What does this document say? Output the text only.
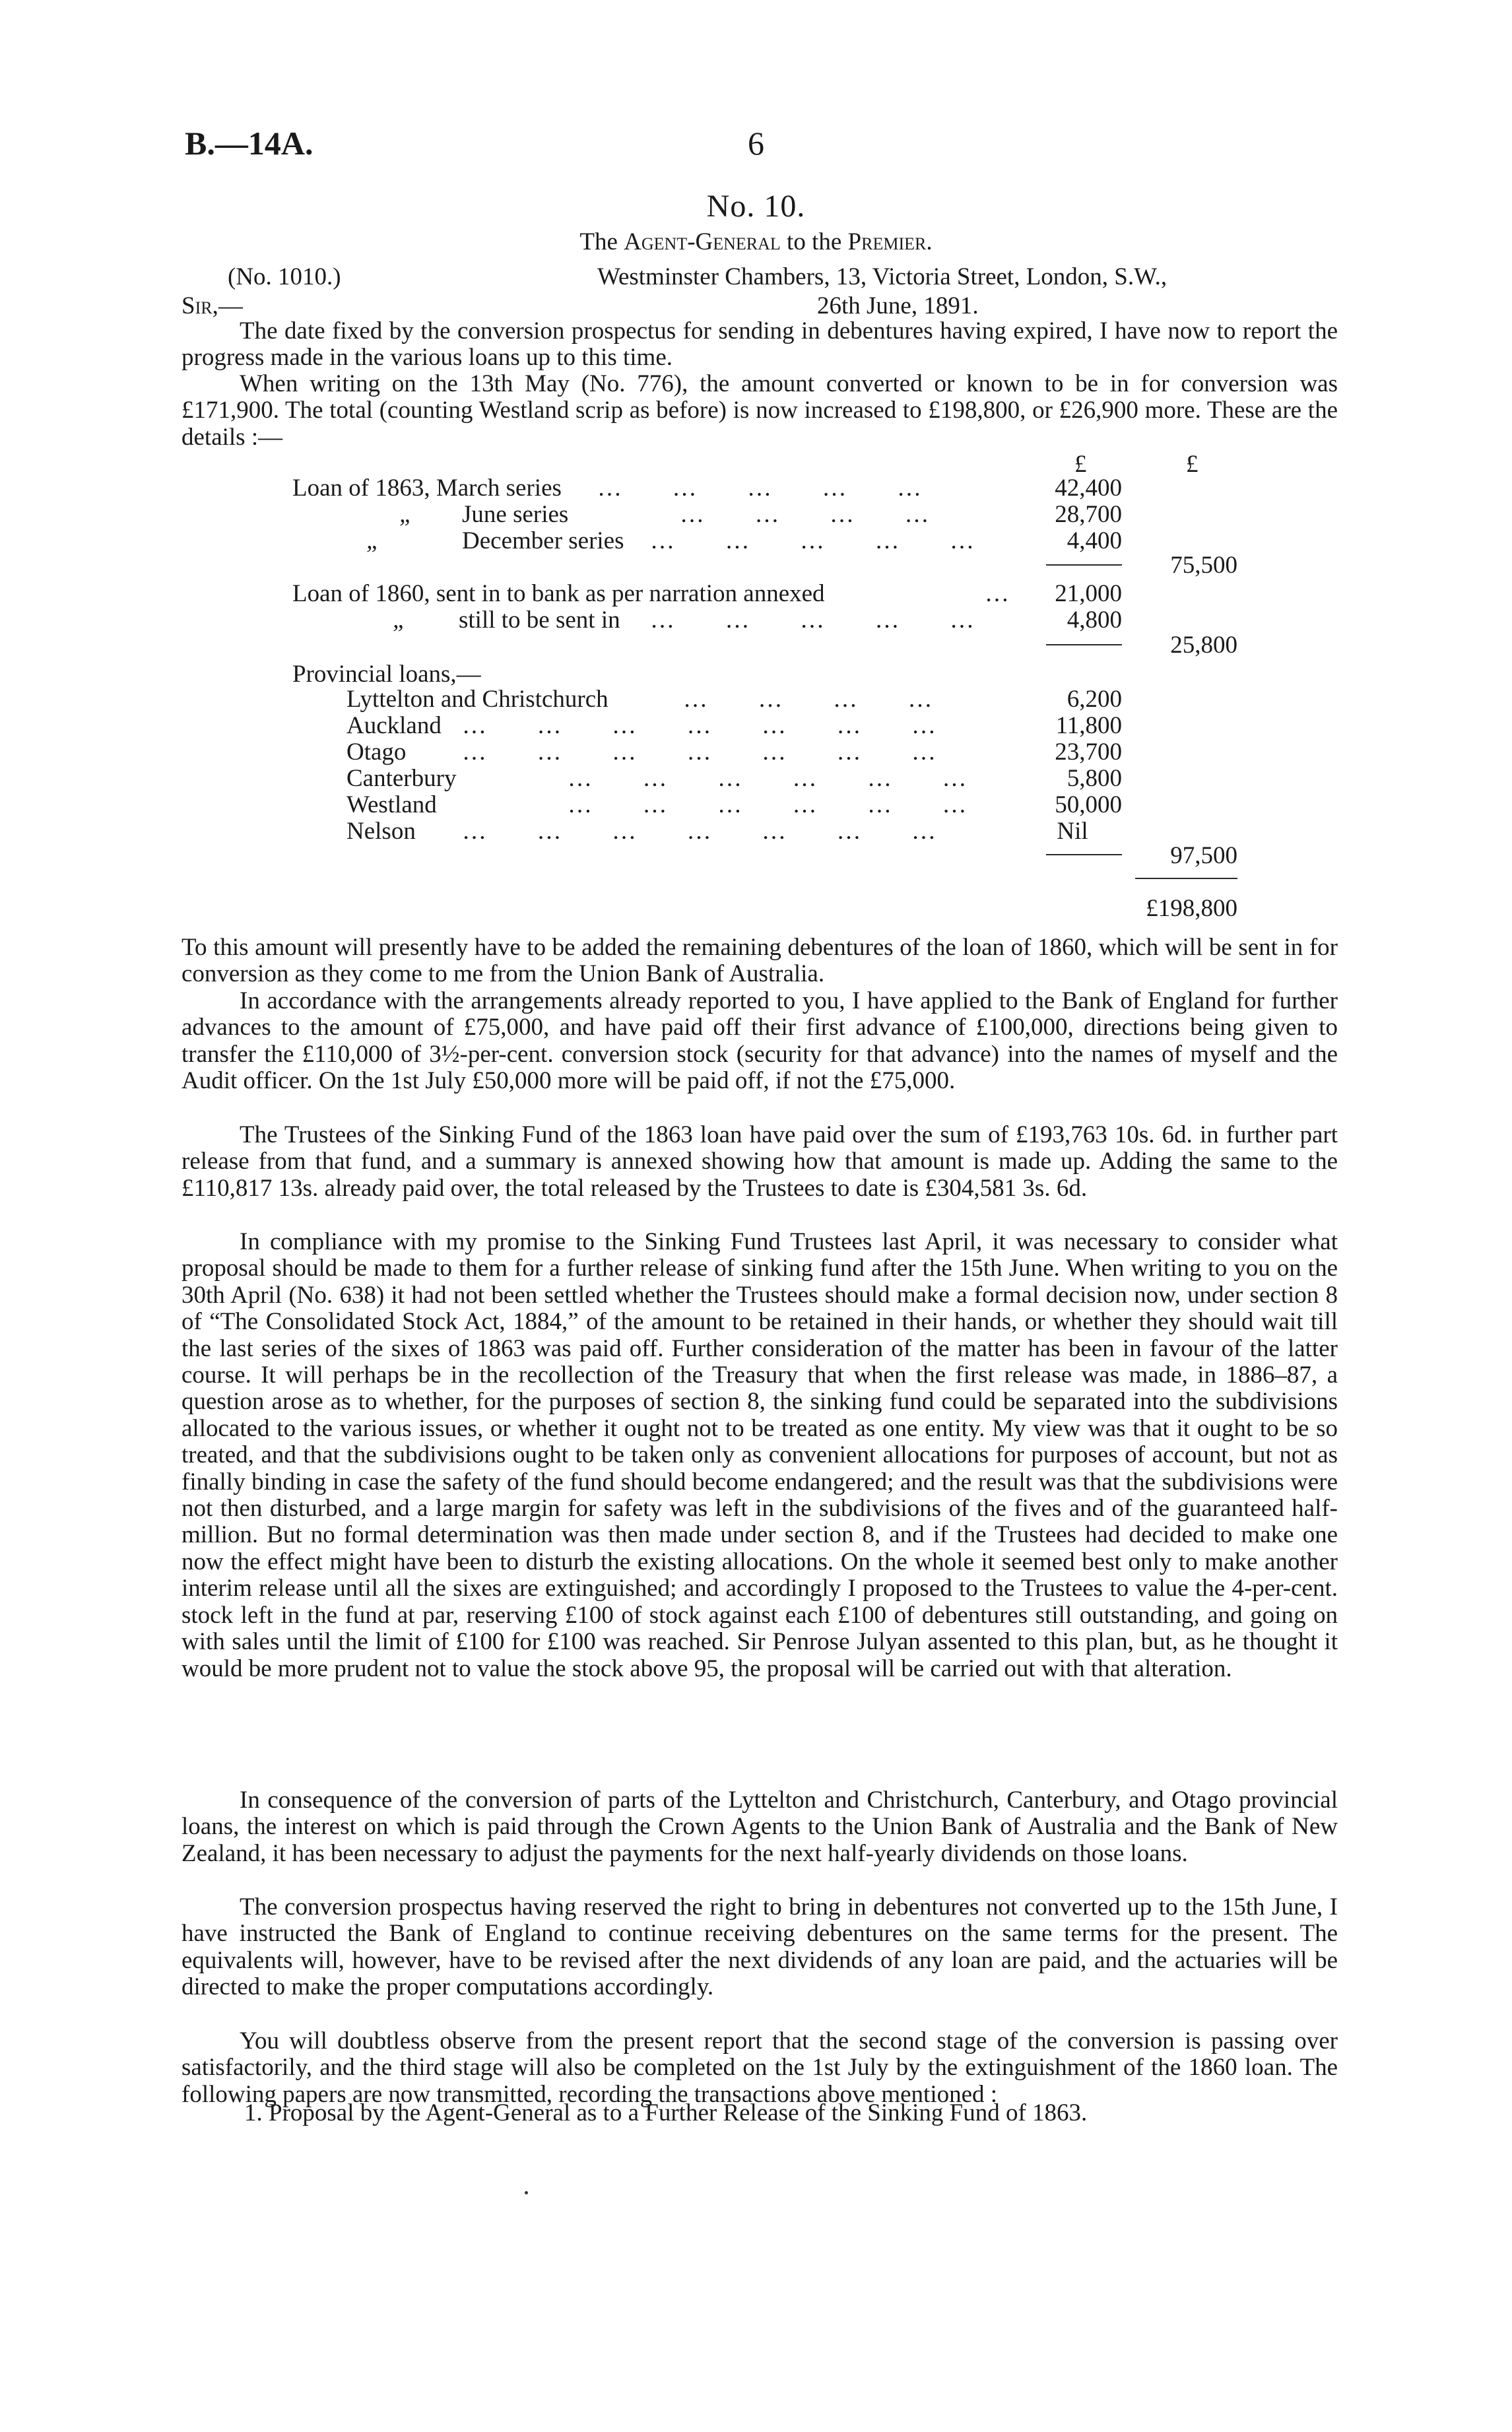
B.—14A.	6
No. 10.
The Agent-General to the Premier.
(No. 1010.)	Westminster Chambers, 13, Victoria Street, London, S.W.,
Sir,—	26th June, 1891.

The date fixed by the conversion prospectus for sending in debentures having expired, I have now to report the progress made in the various loans up to this time.

When writing on the 13th May (No. 776), the amount converted or known to be in for conversion was £171,900. The total (counting Westland scrip as before) is now increased to £198,800, or £26,900 more. These are the details :—

£	£
Loan of 1863, March series …      …      …      …      …	42,400
„ June series	…      …      …      …	28,700
„	December series …      …      …      …      …	4,400
75,500
Loan of 1860, sent in to bank as per narration annexed	…	21,000
„ still to be sent in …      …      …      …      …	4,800
25,800
Provincial loans,—
Lyttelton and Christchurch	…      …      …      …	6,200
Auckland …      …      …      …      …      …      …	11,800
Otago …      …      …      …      …      …      …	23,700
Canterbury	…      …      …      …      …      …	5,800
Westland	…      …      …      …      …      …	50,000
Nelson …      …      …      …      …      …      …	Nil
97,500
£198,800

To this amount will presently have to be added the remaining debentures of the loan of 1860, which will be sent in for conversion as they come to me from the Union Bank of Australia.

In accordance with the arrangements already reported to you, I have applied to the Bank of England for further advances to the amount of £75,000, and have paid off their first advance of £100,000, directions being given to transfer the £110,000 of 3½-per-cent. conversion stock (security for that advance) into the names of myself and the Audit officer. On the 1st July £50,000 more will be paid off, if not the £75,000.

The Trustees of the Sinking Fund of the 1863 loan have paid over the sum of £193,763 10s. 6d. in further part release from that fund, and a summary is annexed showing how that amount is made up. Adding the same to the £110,817 13s. already paid over, the total released by the Trustees to date is £304,581 3s. 6d.

In compliance with my promise to the Sinking Fund Trustees last April, it was necessary to consider what proposal should be made to them for a further release of sinking fund after the 15th June. When writing to you on the 30th April (No. 638) it had not been settled whether the Trustees should make a formal decision now, under section 8 of “The Consolidated Stock Act, 1884,” of the amount to be retained in their hands, or whether they should wait till the last series of the sixes of 1863 was paid off. Further consideration of the matter has been in favour of the latter course. It will perhaps be in the recollection of the Treasury that when the first release was made, in 1886–87, a question arose as to whether, for the purposes of section 8, the sinking fund could be separated into the subdivisions allocated to the various issues, or whether it ought not to be treated as one entity. My view was that it ought to be so treated, and that the subdivisions ought to be taken only as convenient allocations for purposes of account, but not as finally binding in case the safety of the fund should become endangered; and the result was that the subdivisions were not then disturbed, and a large margin for safety was left in the subdivisions of the fives and of the guaranteed half-million. But no formal determination was then made under section 8, and if the Trustees had decided to make one now the effect might have been to disturb the existing allocations. On the whole it seemed best only to make another interim release until all the sixes are extinguished; and accordingly I proposed to the Trustees to value the 4-per-cent. stock left in the fund at par, reserving £100 of stock against each £100 of debentures still outstanding, and going on with sales until the limit of £100 for £100 was reached. Sir Penrose Julyan assented to this plan, but, as he thought it would be more prudent not to value the stock above 95, the proposal will be carried out with that alteration.

In consequence of the conversion of parts of the Lyttelton and Christchurch, Canterbury, and Otago provincial loans, the interest on which is paid through the Crown Agents to the Union Bank of Australia and the Bank of New Zealand, it has been necessary to adjust the payments for the next half-yearly dividends on those loans.

The conversion prospectus having reserved the right to bring in debentures not converted up to the 15th June, I have instructed the Bank of England to continue receiving debentures on the same terms for the present. The equivalents will, however, have to be revised after the next dividends of any loan are paid, and the actuaries will be directed to make the proper computations accordingly.

You will doubtless observe from the present report that the second stage of the conversion is passing over satisfactorily, and the third stage will also be completed on the 1st July by the extinguishment of the 1860 loan. The following papers are now transmitted, recording the transactions above mentioned :

1. Proposal by the Agent-General as to a Further Release of the Sinking Fund of 1863.
